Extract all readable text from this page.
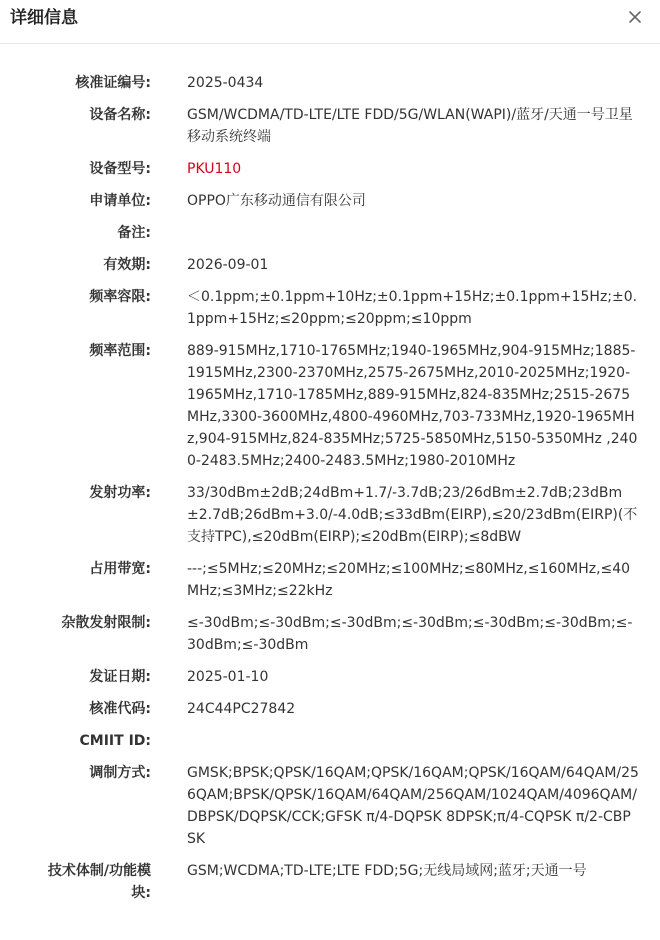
详细信息
核准证编号:	2025-0434
设备名称:	GSM/WCDMA/TD-LTE/LTE FDD/5G/WLAN(WAPI)/蓝牙/天通一号卫星移动系统终端
设备型号:	PKU110
申请单位:	OPPO广东移动通信有限公司
备注:
有效期:	2026-09-01
频率容限:	＜0.1ppm;±0.1ppm+10Hz;±0.1ppm+15Hz;±0.1ppm+15Hz;±0.1ppm+15Hz;≤20ppm;≤20ppm;≤10ppm
频率范围:	889-915MHz,1710-1765MHz;1940-1965MHz,904-915MHz;1885-1915MHz,2300-2370MHz,2575-2675MHz,2010-2025MHz;1920-1965MHz,1710-1785MHz,889-915MHz,824-835MHz;2515-2675MHz,3300-3600MHz,4800-4960MHz,703-733MHz,1920-1965MHz,904-915MHz,824-835MHz;5725-5850MHz,5150-5350MHz ,2400-2483.5MHz;2400-2483.5MHz;1980-2010MHz
发射功率:	33/30dBm±2dB;24dBm+1.7/-3.7dB;23/26dBm±2.7dB;23dBm±2.7dB;26dBm+3.0/-4.0dB;≤33dBm(EIRP),≤20/23dBm(EIRP)(不支持TPC),≤20dBm(EIRP);≤20dBm(EIRP);≤8dBW
占用带宽:	---;≤5MHz;≤20MHz;≤20MHz;≤100MHz;≤80MHz,≤160MHz,≤40MHz;≤3MHz;≤22kHz
杂散发射限制:	≤-30dBm;≤-30dBm;≤-30dBm;≤-30dBm;≤-30dBm;≤-30dBm;≤-30dBm;≤-30dBm
发证日期:	2025-01-10
核准代码:	24C44PC27842
CMIIT ID:
调制方式:	GMSK;BPSK;QPSK/16QAM;QPSK/16QAM;QPSK/16QAM/64QAM/256QAM;BPSK/QPSK/16QAM/64QAM/256QAM/1024QAM/4096QAM/DBPSK/DQPSK/CCK;GFSK π/4-DQPSK 8DPSK;π/4-CQPSK π/2-CBPSK
技术体制/功能模块:
GSM;WCDMA;TD-LTE;LTE FDD;5G;无线局域网;蓝牙;天通一号
